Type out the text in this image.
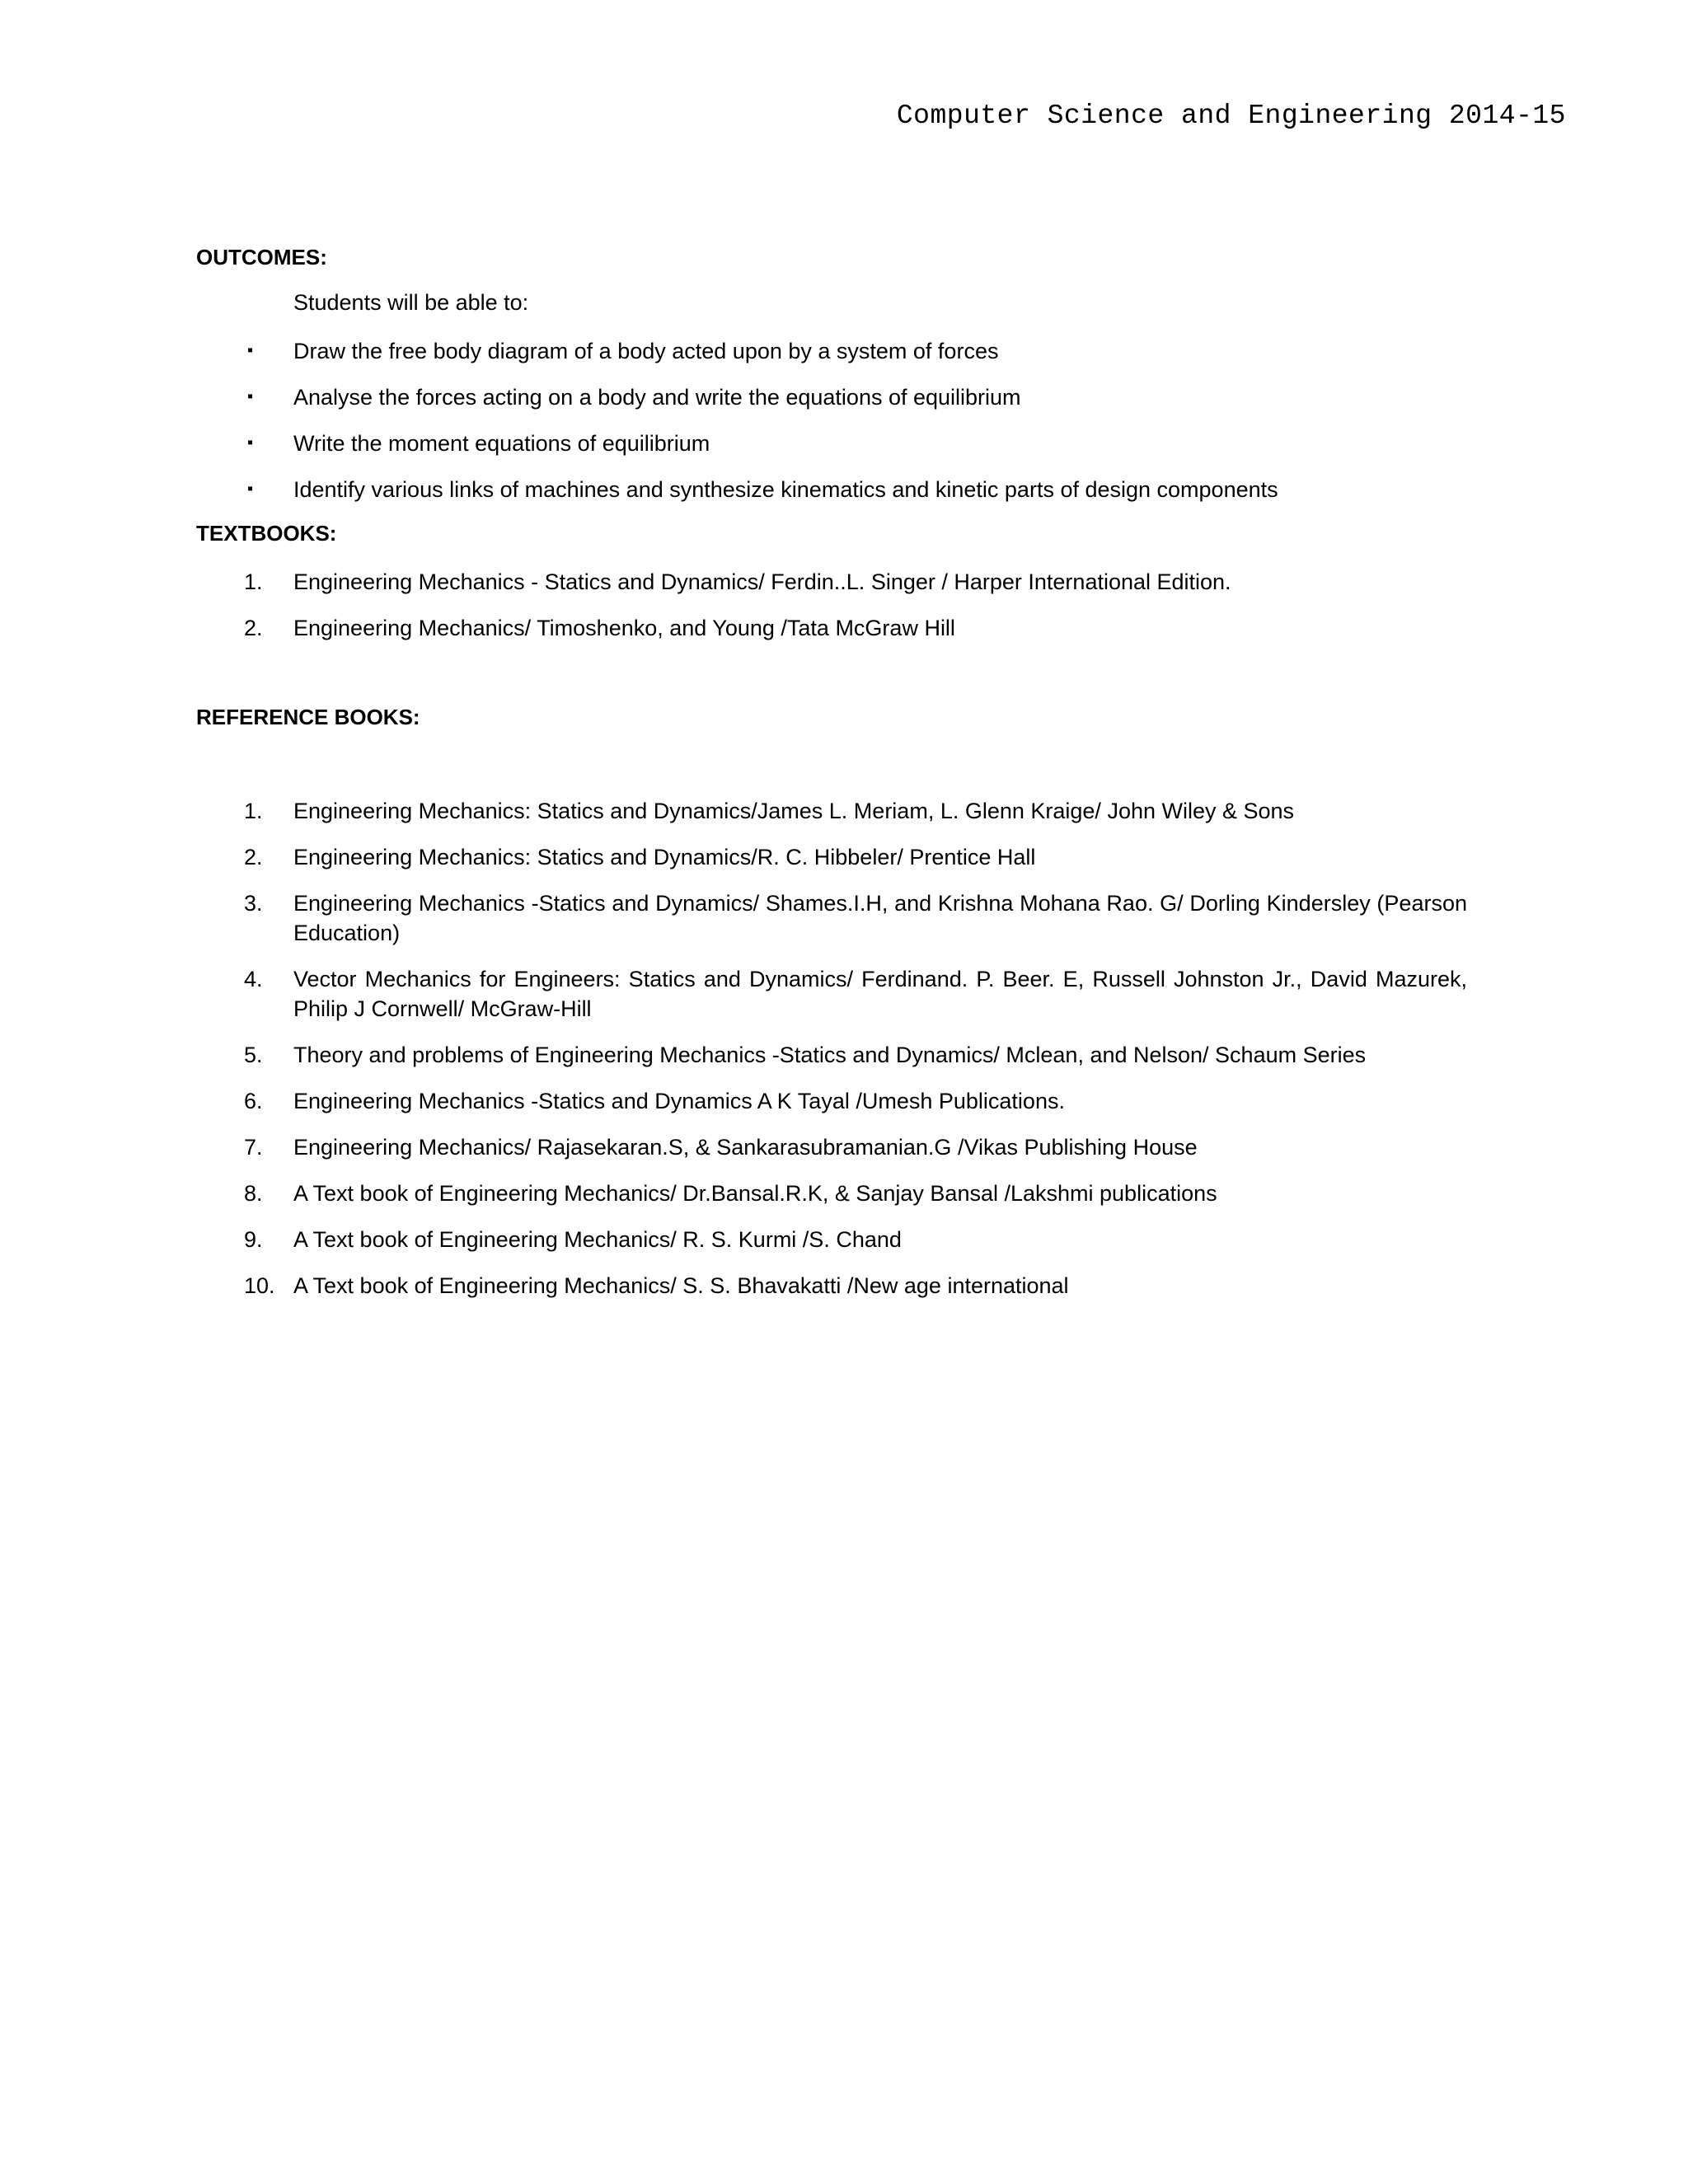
Computer Science and Engineering 2014-15
OUTCOMES:
Students will be able to:
▪ Draw the free body diagram of a body acted upon by a system of forces
▪ Analyse the forces acting on a body and write the equations of equilibrium
▪ Write the moment equations of equilibrium
▪ Identify various links of machines and synthesize kinematics and kinetic parts of design components
TEXTBOOKS:
1. Engineering Mechanics - Statics and Dynamics/ Ferdin..L. Singer / Harper International Edition.
2. Engineering Mechanics/ Timoshenko, and Young /Tata McGraw Hill
REFERENCE BOOKS:
1. Engineering Mechanics: Statics and Dynamics/James L. Meriam, L. Glenn Kraige/ John Wiley & Sons
2. Engineering Mechanics: Statics and Dynamics/R. C. Hibbeler/ Prentice Hall
3. Engineering Mechanics -Statics and Dynamics/ Shames.I.H, and Krishna Mohana Rao. G/ Dorling Kindersley (Pearson Education)
4. Vector Mechanics for Engineers: Statics and Dynamics/ Ferdinand. P. Beer. E, Russell Johnston Jr., David Mazurek, Philip J Cornwell/ McGraw-Hill
5. Theory and problems of Engineering Mechanics -Statics and Dynamics/ Mclean, and Nelson/ Schaum Series
6. Engineering Mechanics -Statics and Dynamics A K Tayal /Umesh Publications.
7. Engineering Mechanics/ Rajasekaran.S, & Sankarasubramanian.G /Vikas Publishing House
8. A Text book of Engineering Mechanics/ Dr.Bansal.R.K, & Sanjay Bansal /Lakshmi publications
9. A Text book of Engineering Mechanics/ R. S. Kurmi /S. Chand
10. A Text book of Engineering Mechanics/ S. S. Bhavakatti /New age international
